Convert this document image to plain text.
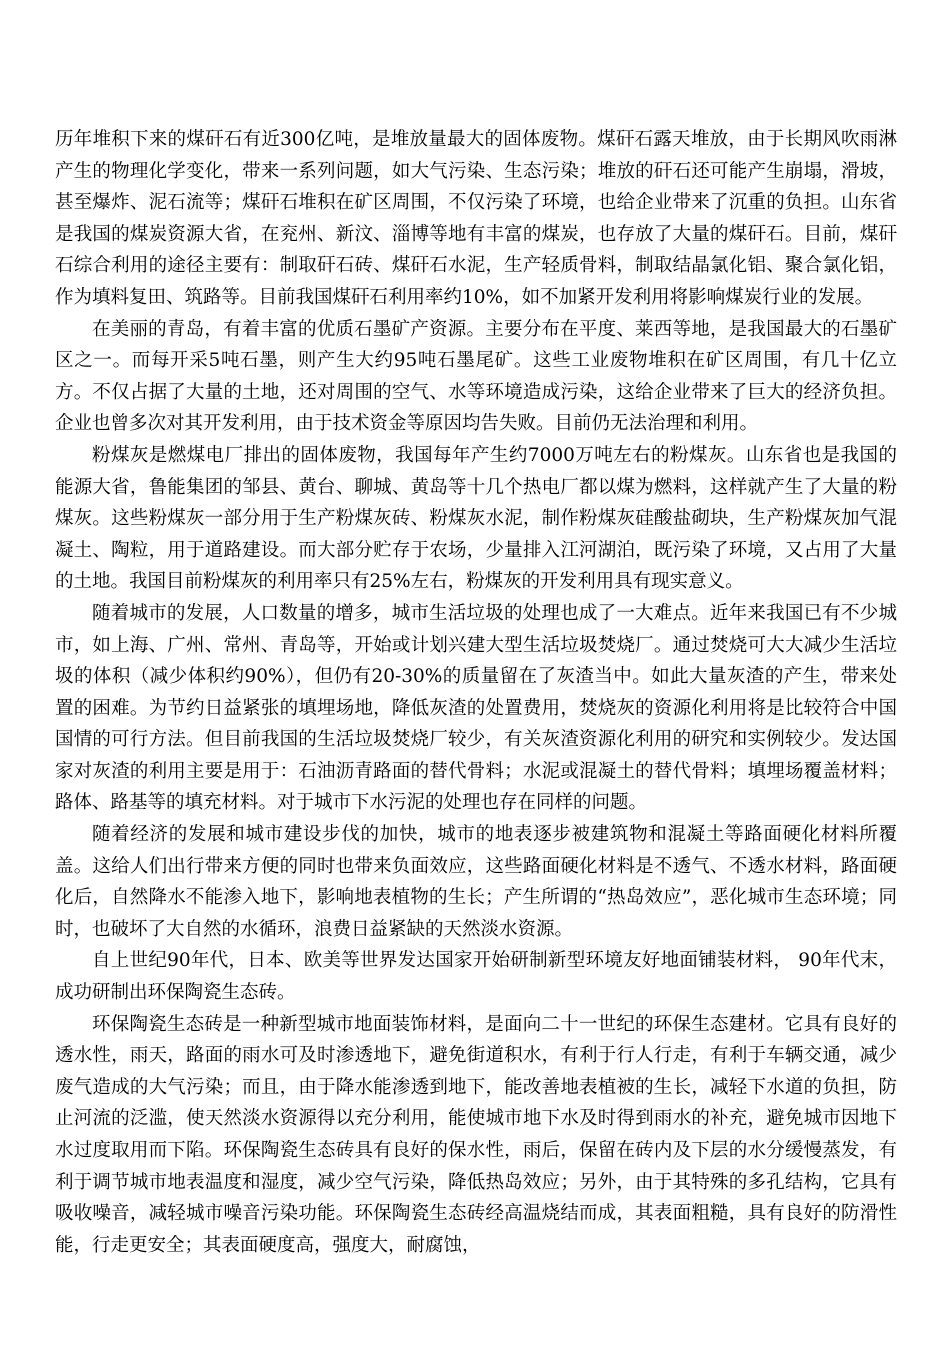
历年堆积下来的煤矸石有近300亿吨，是堆放量最大的固体废物。煤矸石露天堆放，由于长期风吹雨淋产生的物理化学变化，带来一系列问题，如大气污染、生态污染；堆放的矸石还可能产生崩塌，滑坡，甚至爆炸、泥石流等；煤矸石堆积在矿区周围，不仅污染了环境，也给企业带来了沉重的负担。山东省是我国的煤炭资源大省，在兖州、新汶、淄博等地有丰富的煤炭，也存放了大量的煤矸石。目前，煤矸石综合利用的途径主要有：制取矸石砖、煤矸石水泥，生产轻质骨料，制取结晶氯化铝、聚合氯化铝，作为填料复田、筑路等。目前我国煤矸石利用率约10%，如不加紧开发利用将影响煤炭行业的发展。

在美丽的青岛，有着丰富的优质石墨矿产资源。主要分布在平度、莱西等地，是我国最大的石墨矿区之一。而每开采5吨石墨，则产生大约95吨石墨尾矿。这些工业废物堆积在矿区周围，有几十亿立方。不仅占据了大量的土地，还对周围的空气、水等环境造成污染，这给企业带来了巨大的经济负担。企业也曾多次对其开发利用，由于技术资金等原因均告失败。目前仍无法治理和利用。

粉煤灰是燃煤电厂排出的固体废物，我国每年产生约7000万吨左右的粉煤灰。山东省也是我国的能源大省，鲁能集团的邹县、黄台、聊城、黄岛等十几个热电厂都以煤为燃料，这样就产生了大量的粉煤灰。这些粉煤灰一部分用于生产粉煤灰砖、粉煤灰水泥，制作粉煤灰硅酸盐砌块，生产粉煤灰加气混凝土、陶粒，用于道路建设。而大部分贮存于农场，少量排入江河湖泊，既污染了环境，又占用了大量的土地。我国目前粉煤灰的利用率只有25%左右，粉煤灰的开发利用具有现实意义。

随着城市的发展，人口数量的增多，城市生活垃圾的处理也成了一大难点。近年来我国已有不少城市，如上海、广州、常州、青岛等，开始或计划兴建大型生活垃圾焚烧厂。通过焚烧可大大减少生活垃圾的体积（减少体积约90%），但仍有20-30%的质量留在了灰渣当中。如此大量灰渣的产生，带来处置的困难。为节约日益紧张的填埋场地，降低灰渣的处置费用，焚烧灰的资源化利用将是比较符合中国国情的可行方法。但目前我国的生活垃圾焚烧厂较少，有关灰渣资源化利用的研究和实例较少。发达国家对灰渣的利用主要是用于：石油沥青路面的替代骨料；水泥或混凝土的替代骨料；填埋场覆盖材料；路体、路基等的填充材料。对于城市下水污泥的处理也存在同样的问题。

随着经济的发展和城市建设步伐的加快，城市的地表逐步被建筑物和混凝土等路面硬化材料所覆盖。这给人们出行带来方便的同时也带来负面效应，这些路面硬化材料是不透气、不透水材料，路面硬化后，自然降水不能渗入地下，影响地表植物的生长；产生所谓的“热岛效应”，恶化城市生态环境；同时，也破坏了大自然的水循环，浪费日益紧缺的天然淡水资源。

自上世纪90年代，日本、欧美等世界发达国家开始研制新型环境友好地面铺装材料， 90年代末，成功研制出环保陶瓷生态砖。

环保陶瓷生态砖是一种新型城市地面装饰材料，是面向二十一世纪的环保生态建材。它具有良好的透水性，雨天，路面的雨水可及时渗透地下，避免街道积水，有利于行人行走，有利于车辆交通，减少废气造成的大气污染；而且，由于降水能渗透到地下，能改善地表植被的生长，减轻下水道的负担，防止河流的泛滥，使天然淡水资源得以充分利用，能使城市地下水及时得到雨水的补充，避免城市因地下水过度取用而下陷。环保陶瓷生态砖具有良好的保水性，雨后，保留在砖内及下层的水分缓慢蒸发，有利于调节城市地表温度和湿度，减少空气污染，降低热岛效应；另外，由于其特殊的多孔结构，它具有吸收噪音，减轻城市噪音污染功能。环保陶瓷生态砖经高温烧结而成，其表面粗糙，具有良好的防滑性能，行走更安全；其表面硬度高，强度大，耐腐蚀，
